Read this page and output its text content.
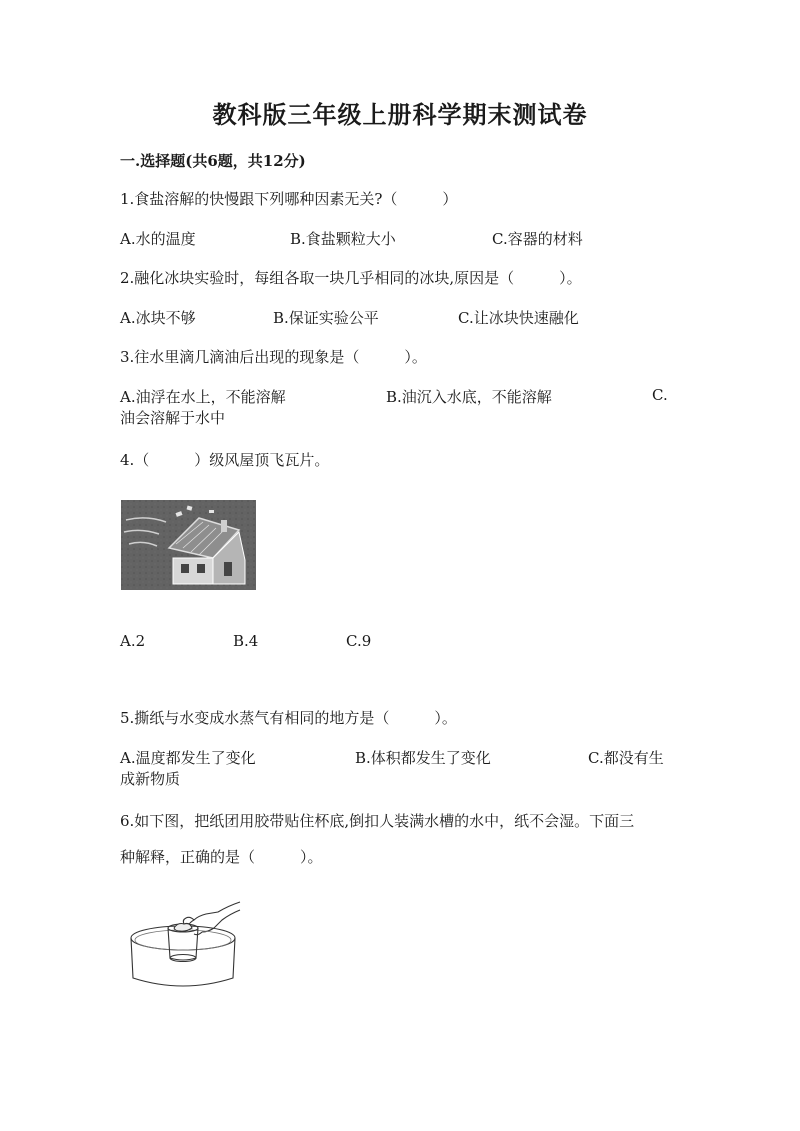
教科版三年级上册科学期末测试卷
一.选择题(共6题，共12分)
1.食盐溶解的快慢跟下列哪种因素无关?（　　　）
A.水的温度	B.食盐颗粒大小	C.容器的材料
2.融化冰块实验时，每组各取一块几乎相同的冰块,原因是（　　　）。
A.冰块不够	B.保证实验公平	C.让冰块快速融化
3.往水里滴几滴油后出现的现象是（　　　）。
A.油浮在水上，不能溶解	B.油沉入水底，不能溶解	C.
油会溶解于水中
4.（　　　）级风屋顶飞瓦片。
A.2	B.4	C.9
5.撕纸与水变成水蒸气有相同的地方是（　　　）。
A.温度都发生了变化	B.体积都发生了变化	C.都没有生
成新物质
6.如下图，把纸团用胶带贴住杯底,倒扣人装满水槽的水中，纸不会湿。下面三
种解释，正确的是（　　　）。
